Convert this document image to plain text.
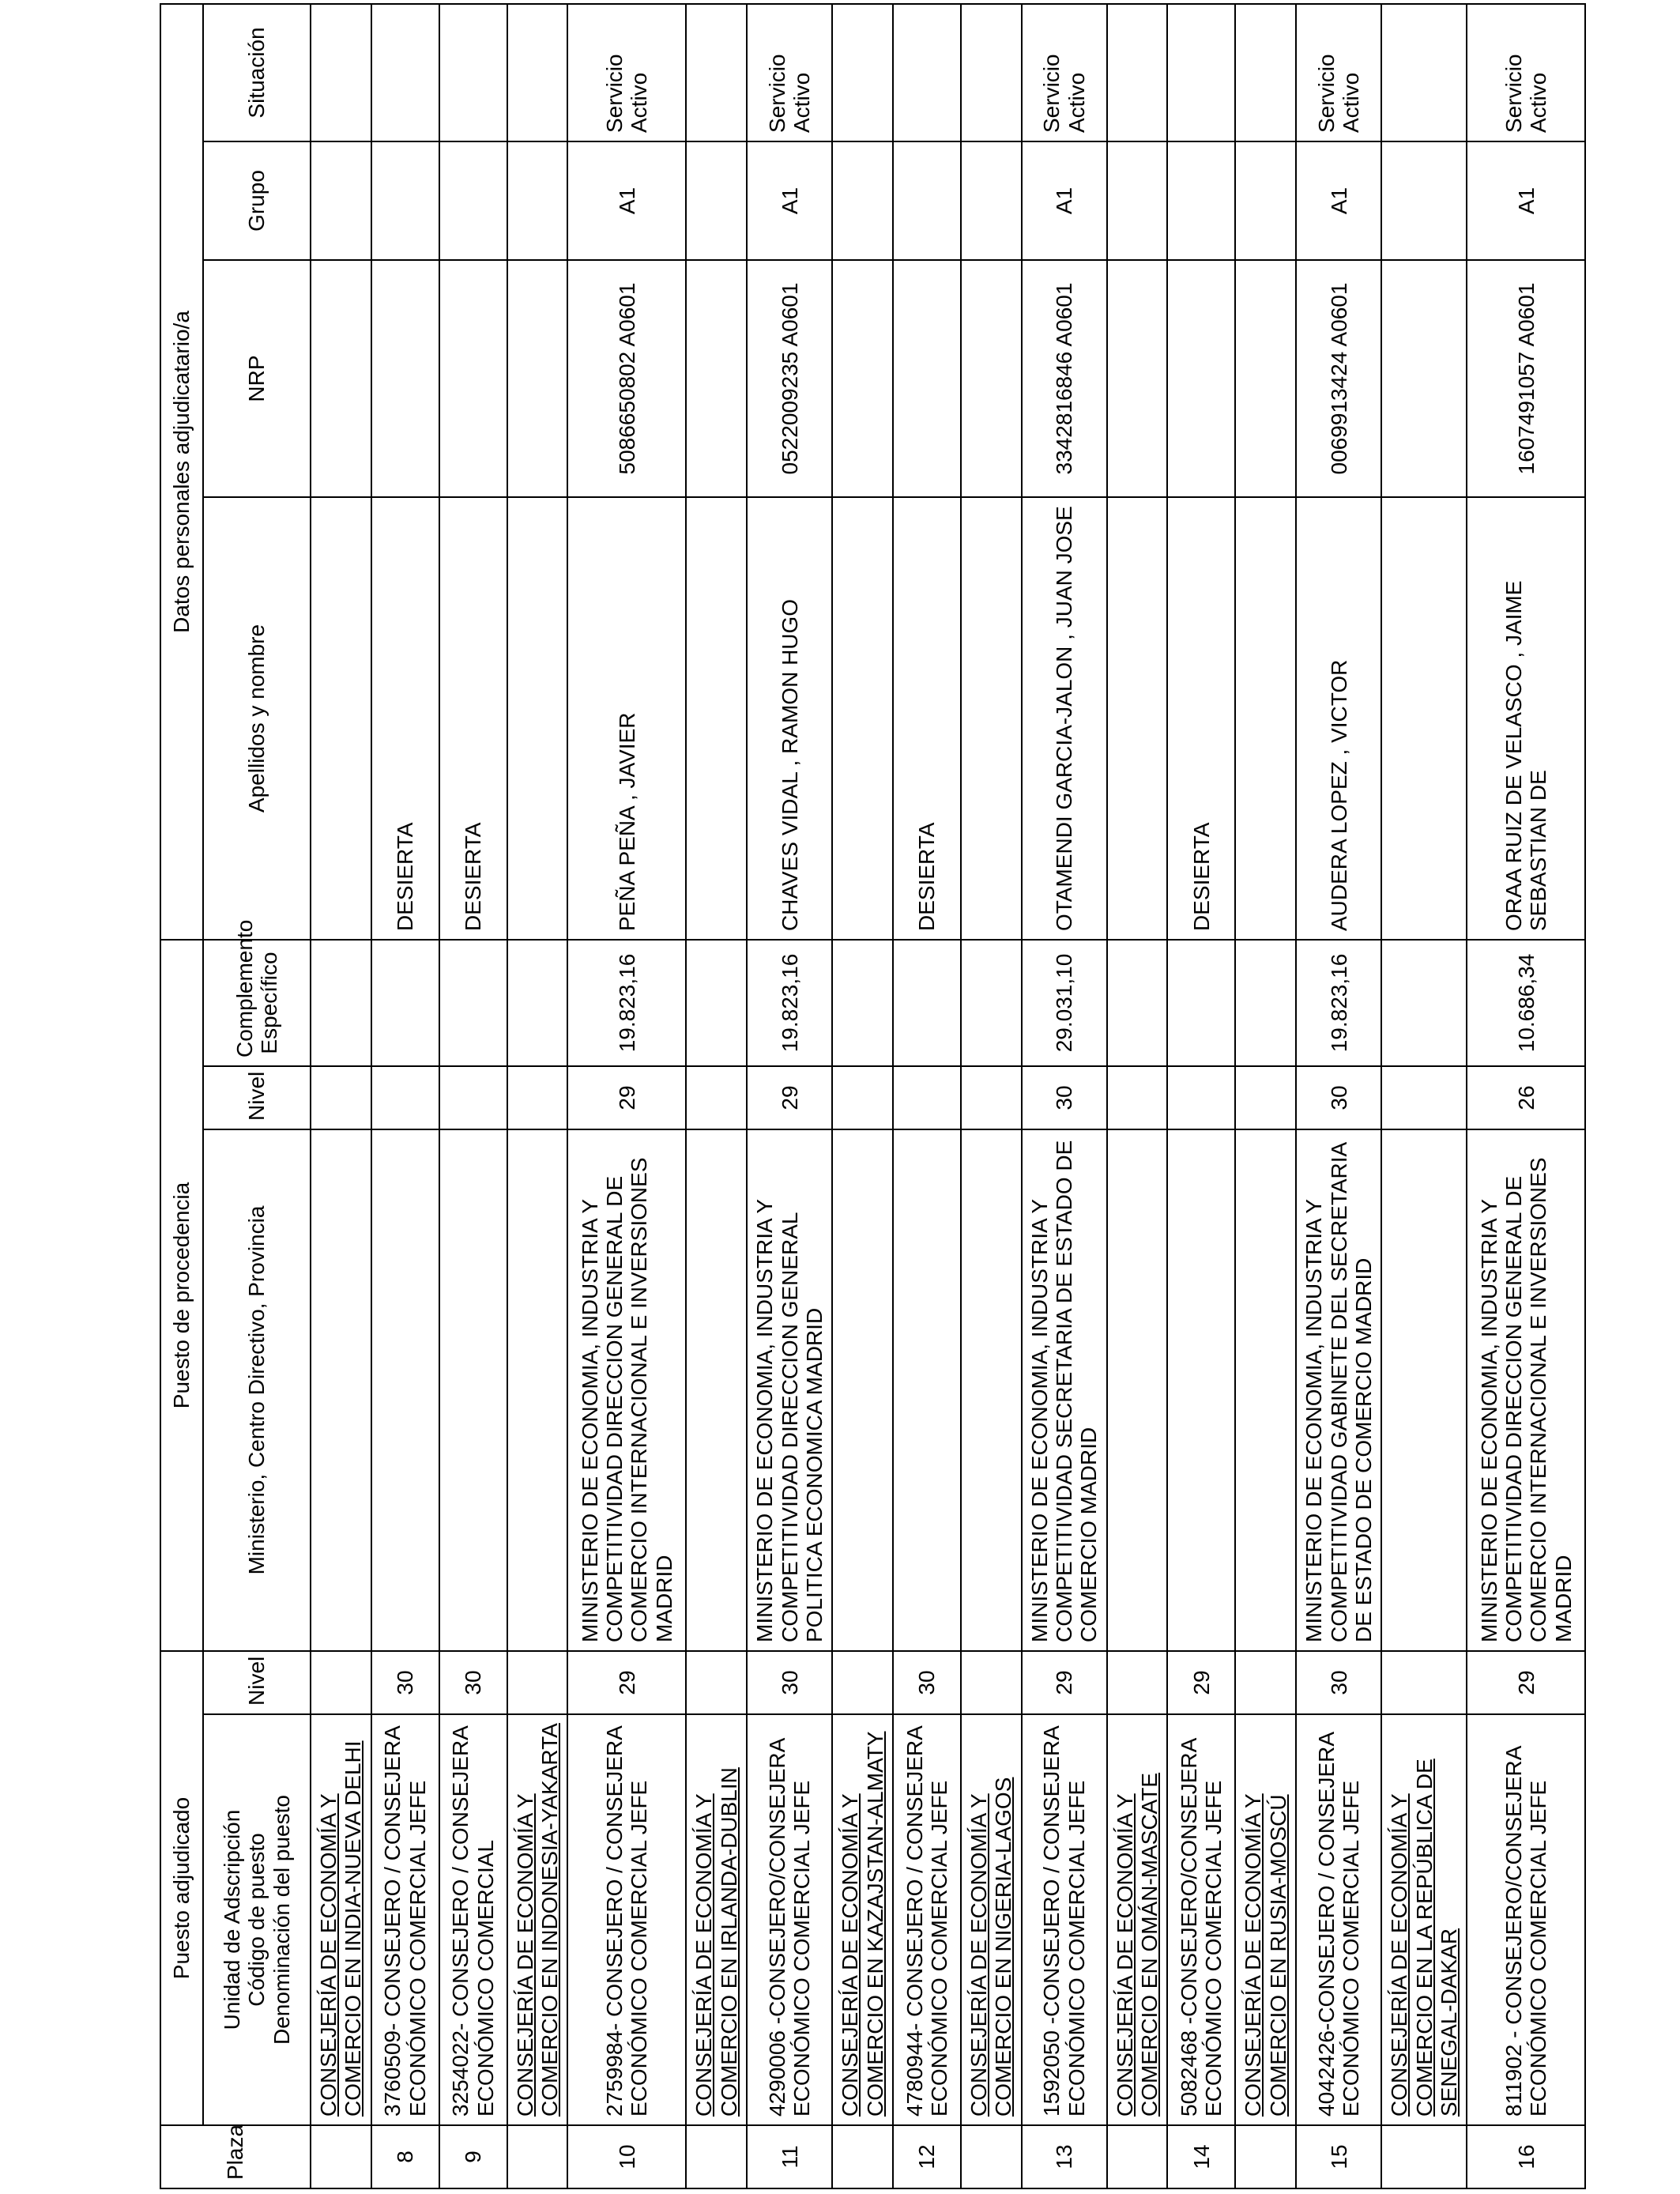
Plaza	Puesto adjudicado		Puesto de procedencia			Datos personales adjudicatario/a			

	Unidad de Adscripción Código de puesto Denominación del puesto	Nivel	Ministerio, Centro Directivo, Provincia	Nivel	Complemento Específico	Apellidos y nombre	NRP	Grupo	Situación
	CONSEJERÍA DE ECONOMÍA Y COMERCIO EN INDIA-NUEVA DELHI								
8	3760509- CONSEJERO / CONSEJERA ECONÓMICO COMERCIAL JEFE	30				DESIERTA			
9	3254022- CONSEJERO / CONSEJERA ECONÓMICO COMERCIAL	30				DESIERTA			
	CONSEJERÍA DE ECONOMÍA Y COMERCIO EN INDONESIA-YAKARTA								
10	2759984- CONSEJERO / CONSEJERA ECONÓMICO COMERCIAL JEFE	29	MINISTERIO DE ECONOMIA, INDUSTRIA Y COMPETITIVIDAD DIRECCION GENERAL DE COMERCIO INTERNACIONAL E INVERSIONES MADRID	29	19.823,16	PEÑA PEÑA , JAVIER	5086650802 A0601	A1	Servicio Activo
	CONSEJERÍA DE ECONOMÍA Y COMERCIO EN IRLANDA-DUBLIN								
11	4290006 -CONSEJERO/CONSEJERA ECONÓMICO COMERCIAL JEFE	30	MINISTERIO DE ECONOMIA, INDUSTRIA Y COMPETITIVIDAD DIRECCION GENERAL POLITICA ECONOMICA MADRID	29	19.823,16	CHAVES VIDAL , RAMON HUGO	0522009235 A0601	A1	Servicio Activo
	CONSEJERÍA DE ECONOMÍA Y COMERCIO EN KAZAJSTAN-ALMATY								
12	4780944- CONSEJERO / CONSEJERA ECONÓMICO COMERCIAL JEFE	30				DESIERTA			
	CONSEJERÍA DE ECONOMÍA Y COMERCIO EN NIGERIA-LAGOS								
13	1592050 -CONSEJERO / CONSEJERA ECONÓMICO COMERCIAL JEFE	29	MINISTERIO DE ECONOMIA, INDUSTRIA Y COMPETITIVIDAD SECRETARIA DE ESTADO DE COMERCIO MADRID	30	29.031,10	OTAMENDI GARCIA-JALON , JUAN JOSE	3342816846 A0601	A1	Servicio Activo
	CONSEJERÍA DE ECONOMÍA Y COMERCIO EN OMÁN-MASCATE								
14	5082468 -CONSEJERO/CONSEJERA ECONÓMICO COMERCIAL JEFE	29				DESIERTA			
	CONSEJERÍA DE ECONOMÍA Y COMERCIO EN RUSIA-MOSCÚ								
15	4042426-CONSEJERO / CONSEJERA ECONÓMICO COMERCIAL JEFE	30	MINISTERIO DE ECONOMIA, INDUSTRIA Y COMPETITIVIDAD GABINETE DEL SECRETARIA DE ESTADO DE COMERCIO MADRID	30	19.823,16	AUDERA LOPEZ , VICTOR	0069913424 A0601	A1	Servicio Activo
	CONSEJERÍA DE ECONOMÍA Y COMERCIO EN LA REPÚBLICA DE SENEGAL-DAKAR								
16	811902 - CONSEJERO/CONSEJERA ECONÓMICO COMERCIAL JEFE	29	MINISTERIO DE ECONOMIA, INDUSTRIA Y COMPETITIVIDAD DIRECCION GENERAL DE COMERCIO INTERNACIONAL E INVERSIONES MADRID	26	10.686,34	ORAA RUIZ DE VELASCO , JAIME SEBASTIAN DE	1607491057 A0601	A1	Servicio Activo
